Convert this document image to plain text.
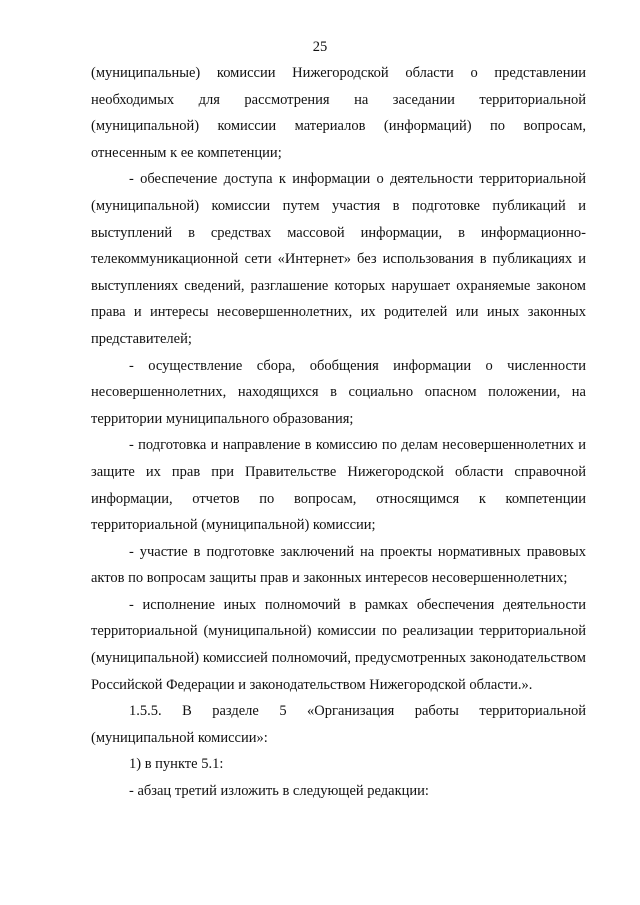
25

(муниципальные) комиссии Нижегородской области о представлении необходимых для рассмотрения на заседании территориальной (муниципальной) комиссии материалов (информаций) по вопросам, отнесенным к ее компетенции;

- обеспечение доступа к информации о деятельности территориальной (муниципальной) комиссии путем участия в подготовке публикаций и выступлений в средствах массовой информации, в информационно-телекоммуникационной сети «Интернет» без использования в публикациях и выступлениях сведений, разглашение которых нарушает охраняемые законом права и интересы несовершеннолетних, их родителей или иных законных представителей;

- осуществление сбора, обобщения информации о численности несовершеннолетних, находящихся в социально опасном положении, на территории муниципального образования;

- подготовка и направление в комиссию по делам несовершеннолетних и защите их прав при Правительстве Нижегородской области справочной информации, отчетов по вопросам, относящимся к компетенции территориальной (муниципальной) комиссии;

- участие в подготовке заключений на проекты нормативных правовых актов по вопросам защиты прав и законных интересов несовершеннолетних;

- исполнение иных полномочий в рамках обеспечения деятельности территориальной (муниципальной) комиссии по реализации территориальной (муниципальной) комиссией полномочий, предусмотренных законодательством Российской Федерации и законодательством Нижегородской области.».

1.5.5. В разделе 5 «Организация работы территориальной (муниципальной комиссии»:

1) в пункте 5.1:

- абзац третий изложить в следующей редакции:
